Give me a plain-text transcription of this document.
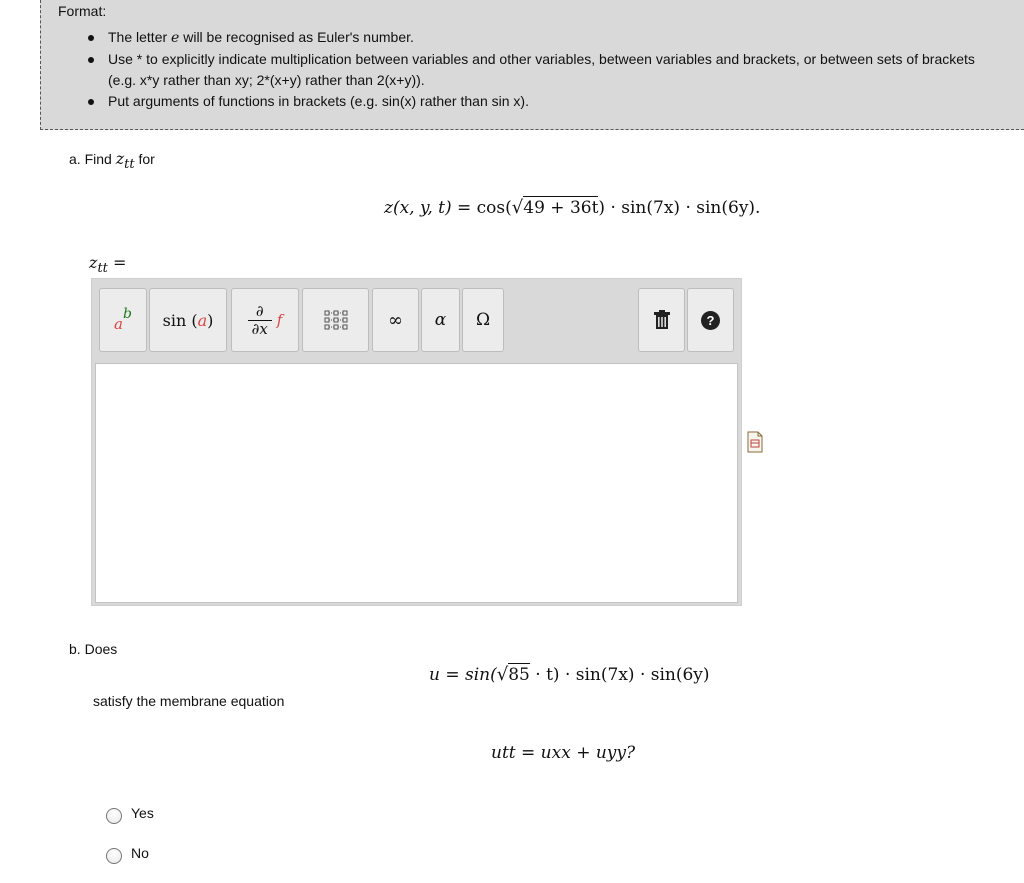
Format:
The letter e will be recognised as Euler's number.
Use * to explicitly indicate multiplication between variables and other variables, between variables and brackets, or between sets of brackets (e.g. x*y rather than xy; 2*(x+y) rather than 2(x+y)).
Put arguments of functions in brackets (e.g. sin(x) rather than sin x).
a. Find $z_{tt}$ for
z(x, y, t) = cos(√49 + 36t) · sin(7x) · sin(6y).
$z_{tt}$ =
a
b sin (a)	∂
∂x f	∞ α Ω	?
b. Does
u = sin(√85 · t) · sin(7x) · sin(6y)
satisfy the membrane equation
utt = uxx + uyy?
Yes
No
